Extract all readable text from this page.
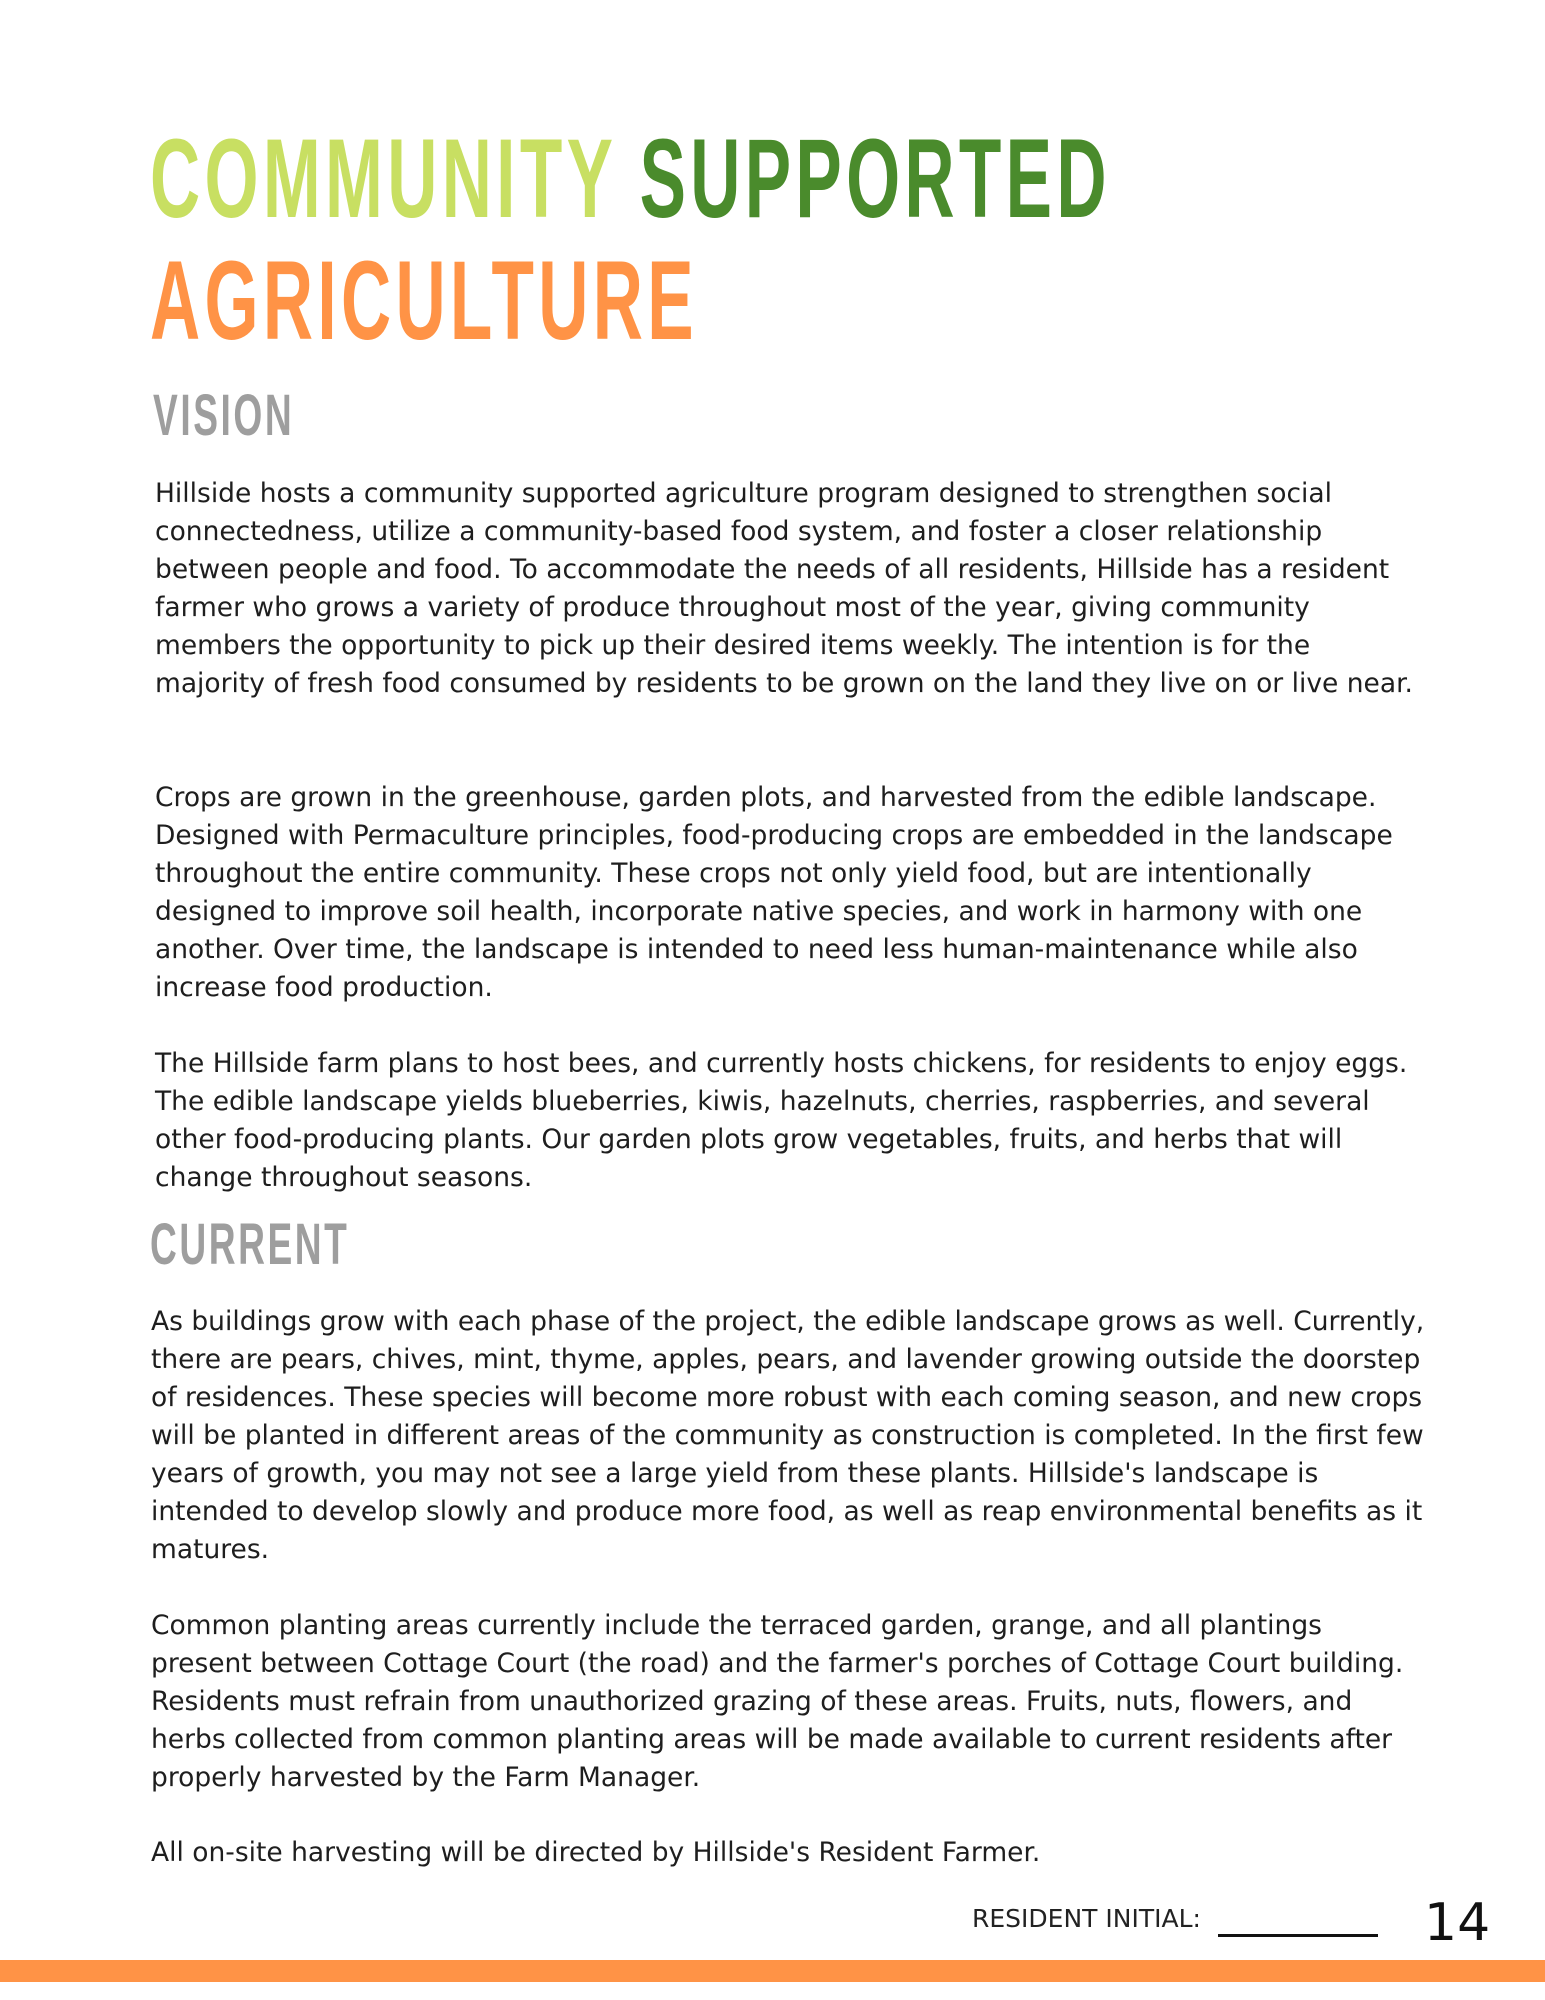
COMMUNITY SUPPORTED
AGRICULTURE
VISION

Hillside hosts a community supported agriculture program designed to strengthen social connectedness, utilize a community-based food system, and foster a closer relationship between people and food. To accommodate the needs of all residents, Hillside has a resident farmer who grows a variety of produce throughout most of the year, giving community members the opportunity to pick up their desired items weekly. The intention is for the majority of fresh food consumed by residents to be grown on the land they live on or live near.

Crops are grown in the greenhouse, garden plots, and harvested from the edible landscape. Designed with Permaculture principles, food-producing crops are embedded in the landscape throughout the entire community. These crops not only yield food, but are intentionally designed to improve soil health, incorporate native species, and work in harmony with one another. Over time, the landscape is intended to need less human-maintenance while also increase food production.

The Hillside farm plans to host bees, and currently hosts chickens, for residents to enjoy eggs. The edible landscape yields blueberries, kiwis, hazelnuts, cherries, raspberries, and several other food-producing plants. Our garden plots grow vegetables, fruits, and herbs that will change throughout seasons.

CURRENT

As buildings grow with each phase of the project, the edible landscape grows as well. Currently, there are pears, chives, mint, thyme, apples, pears, and lavender growing outside the doorstep of residences. These species will become more robust with each coming season, and new crops will be planted in different areas of the community as construction is completed. In the first few years of growth, you may not see a large yield from these plants. Hillside's landscape is intended to develop slowly and produce more food, as well as reap environmental benefits as it matures.

Common planting areas currently include the terraced garden, grange, and all plantings present between Cottage Court (the road) and the farmer's porches of Cottage Court building. Residents must refrain from unauthorized grazing of these areas. Fruits, nuts, flowers, and herbs collected from common planting areas will be made available to current residents after properly harvested by the Farm Manager.

All on-site harvesting will be directed by Hillside's Resident Farmer.

RESIDENT INITIAL:	14
